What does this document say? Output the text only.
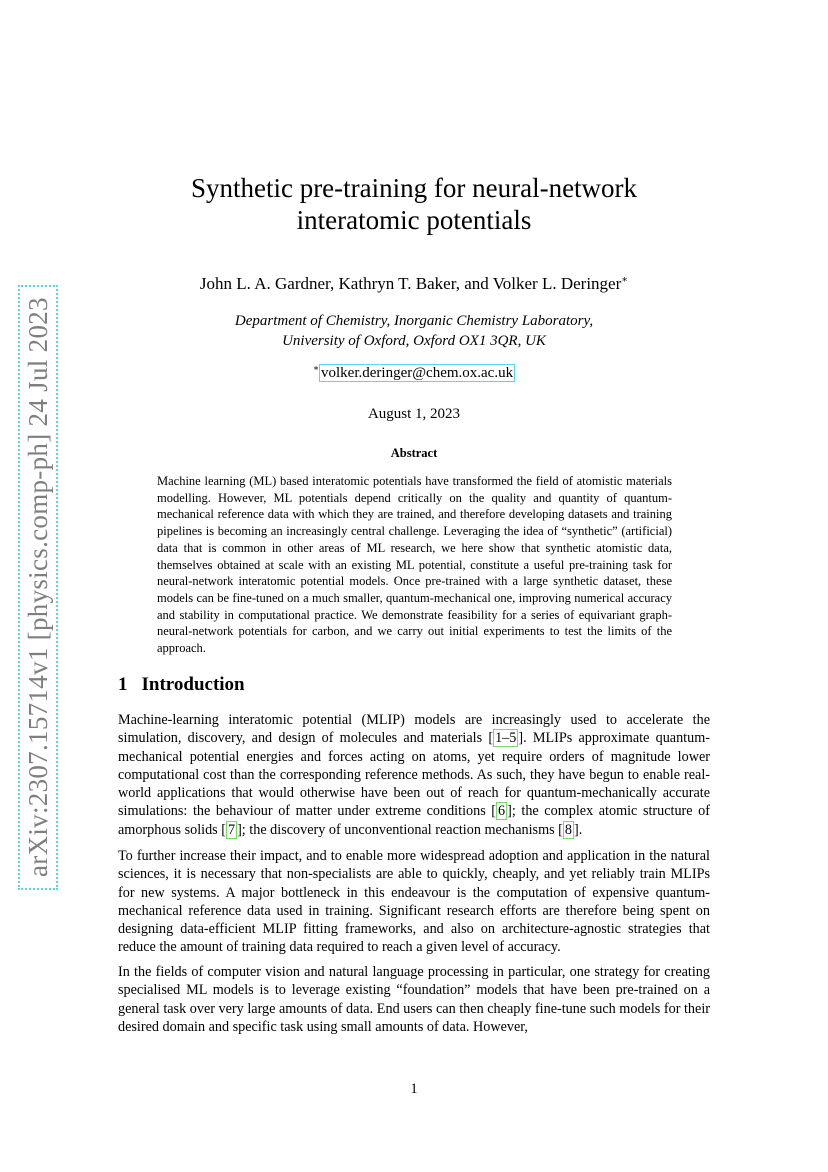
arXiv:2307.15714v1 [physics.comp-ph] 24 Jul 2023
Synthetic pre-training for neural-network
interatomic potentials
John L. A. Gardner, Kathryn T. Baker, and Volker L. Deringer∗
Department of Chemistry, Inorganic Chemistry Laboratory,
University of Oxford, Oxford OX1 3QR, UK
∗ volker.deringer@chem.ox.ac.uk
August 1, 2023
Abstract

Machine learning (ML) based interatomic potentials have transformed the field of atomistic materials modelling. However, ML potentials depend critically on the quality and quantity of quantum-mechanical reference data with which they are trained, and therefore developing datasets and training pipelines is becoming an increasingly central challenge. Leveraging the idea of “synthetic” (artificial) data that is common in other areas of ML research, we here show that synthetic atomistic data, themselves obtained at scale with an existing ML potential, constitute a useful pre-training task for neural-network interatomic potential models. Once pre-trained with a large synthetic dataset, these models can be fine-tuned on a much smaller, quantum-mechanical one, improving numerical accuracy and stability in computational practice. We demonstrate feasibility for a series of equivariant graph-neural-network potentials for carbon, and we carry out initial experiments to test the limits of the approach.

1 Introduction

Machine-learning interatomic potential (MLIP) models are increasingly used to accelerate the simulation, discovery, and design of molecules and materials [ 1–5 ]. MLIPs approximate quantum-mechanical potential energies and forces acting on atoms, yet require orders of magnitude lower computational cost than the corresponding reference methods. As such, they have begun to enable real-world applications that would otherwise have been out of reach for quantum-mechanically accurate simulations: the behaviour of matter under extreme conditions [ 6 ]; the complex atomic structure of amorphous solids [ 7 ]; the discovery of unconventional reaction mechanisms [ 8 ].

To further increase their impact, and to enable more widespread adoption and application in the natural sciences, it is necessary that non-specialists are able to quickly, cheaply, and yet reliably train MLIPs for new systems. A major bottleneck in this endeavour is the computation of expensive quantum-mechanical reference data used in training. Significant research efforts are therefore being spent on designing data-efficient MLIP fitting frameworks, and also on architecture-agnostic strategies that reduce the amount of training data required to reach a given level of accuracy.

In the fields of computer vision and natural language processing in particular, one strategy for creating specialised ML models is to leverage existing “foundation” models that have been pre-trained on a general task over very large amounts of data. End users can then cheaply fine-tune such models for their desired domain and specific task using small amounts of data. However,

1
